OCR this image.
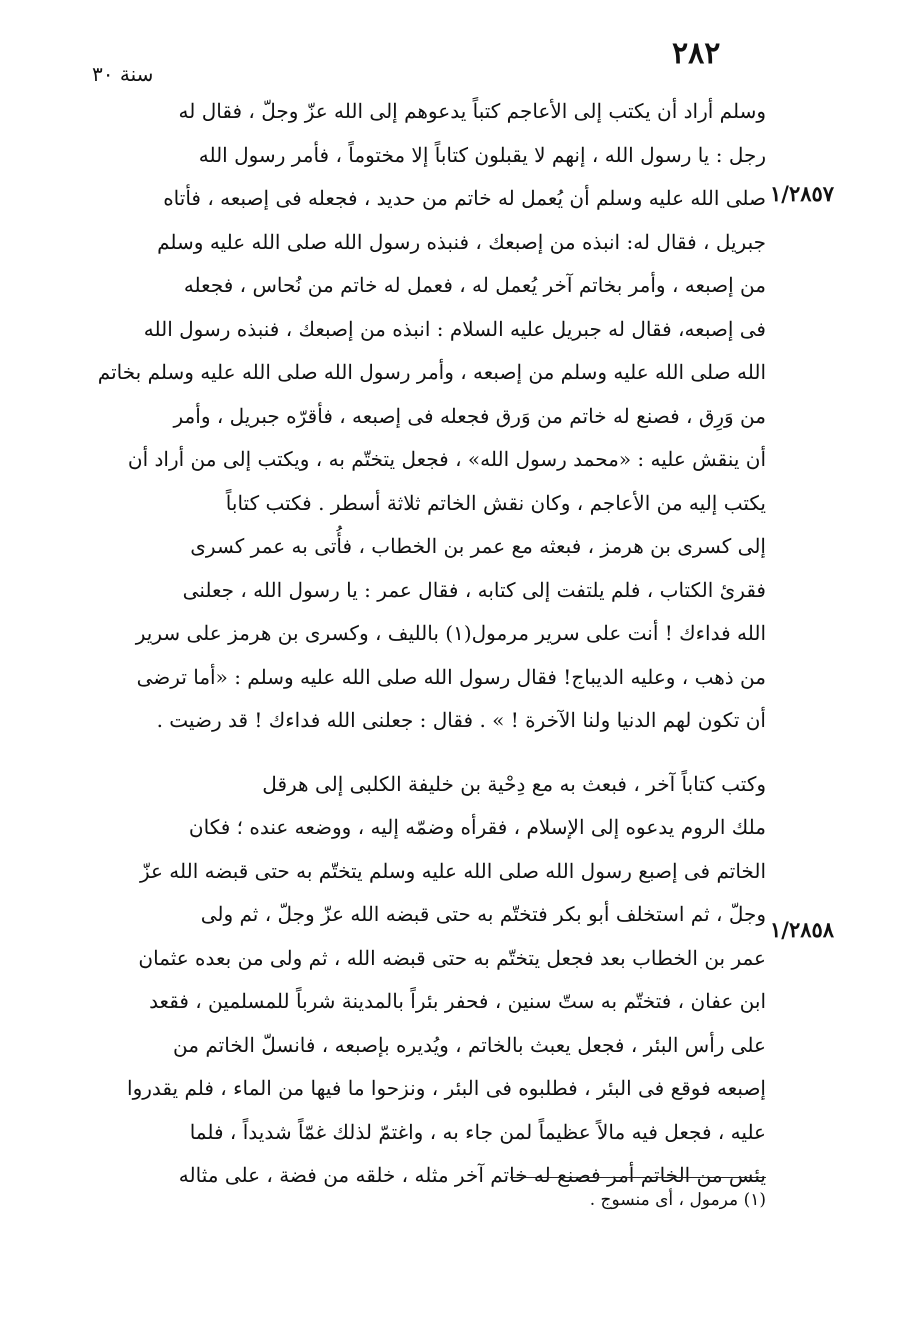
٢٨٢
سنة ٣٠
١/٢٨٥٧
١/٢٨٥٨
وسلم أراد أن يكتب إلى الأعاجم كتباً يدعوهم إلى الله عزّ وجلّ ، فقال له
رجل : يا رسول الله ، إنهم لا يقبلون كتاباً إلا مختوماً ، فأمر رسول الله
صلى الله عليه وسلم أن يُعمل له خاتم من حديد ، فجعله فى إصبعه ، فأتاه
جبريل ، فقال له: انبذه من إصبعك ، فنبذه رسول الله صلى الله عليه وسلم
من إصبعه ، وأمر بخاتم آخر يُعمل له ، فعمل له خاتم من نُحاس ، فجعله
فى إصبعه، فقال له جبريل عليه السلام : انبذه من إصبعك ، فنبذه رسول الله
الله صلى الله عليه وسلم من إصبعه ، وأمر رسول الله صلى الله عليه وسلم بخاتم
من وَرِق ، فصنع له خاتم من وَرق فجعله فى إصبعه ، فأقرّه جبريل ، وأمر
أن ينقش عليه : «محمد رسول الله» ، فجعل يتختّم به ، ويكتب إلى من أراد أن
يكتب إليه من الأعاجم ، وكان نقش الخاتم ثلاثة أسطر . فكتب كتاباً
إلى كسرى بن هرمز ، فبعثه مع عمر بن الخطاب ، فأُتى به عمر كسرى
فقرئ الكتاب ، فلم يلتفت إلى كتابه ، فقال عمر : يا رسول الله ، جعلنى
الله فداءك ! أنت على سرير مرمول(١) بالليف ، وكسرى بن هرمز على سرير
من ذهب ، وعليه الديباج! فقال رسول الله صلى الله عليه وسلم : «أما ترضى
أن تكون لهم الدنيا ولنا الآخرة ! » . فقال : جعلنى الله فداءك ! قد رضيت .
وكتب كتاباً آخر ، فبعث به مع دِحْية بن خليفة الكلبى إلى هرقل
ملك الروم يدعوه إلى الإسلام ، فقرأه وضمّه إليه ، ووضعه عنده ؛ فكان
الخاتم فى إصبع رسول الله صلى الله عليه وسلم يتختّم به حتى قبضه الله عزّ
وجلّ ، ثم استخلف أبو بكر فتختّم به حتى قبضه الله عزّ وجلّ ، ثم ولى
عمر بن الخطاب بعد فجعل يتختّم به حتى قبضه الله ، ثم ولى من بعده عثمان
ابن عفان ، فتختّم به ستّ سنين ، فحفر بئراً بالمدينة شرباً للمسلمين ، فقعد
على رأس البئر ، فجعل يعبث بالخاتم ، ويُديره بإصبعه ، فانسلّ الخاتم من
إصبعه فوقع فى البئر ، فطلبوه فى البئر ، ونزحوا ما فيها من الماء ، فلم يقدروا
عليه ، فجعل فيه مالاً عظيماً لمن جاء به ، واغتمّ لذلك غمّاً شديداً ، فلما
يئس من الخاتم أمر فصنع له خاتم آخر مثله ، خلقه من فضة ، على مثاله
(١) مرمول ، أى منسوج .
